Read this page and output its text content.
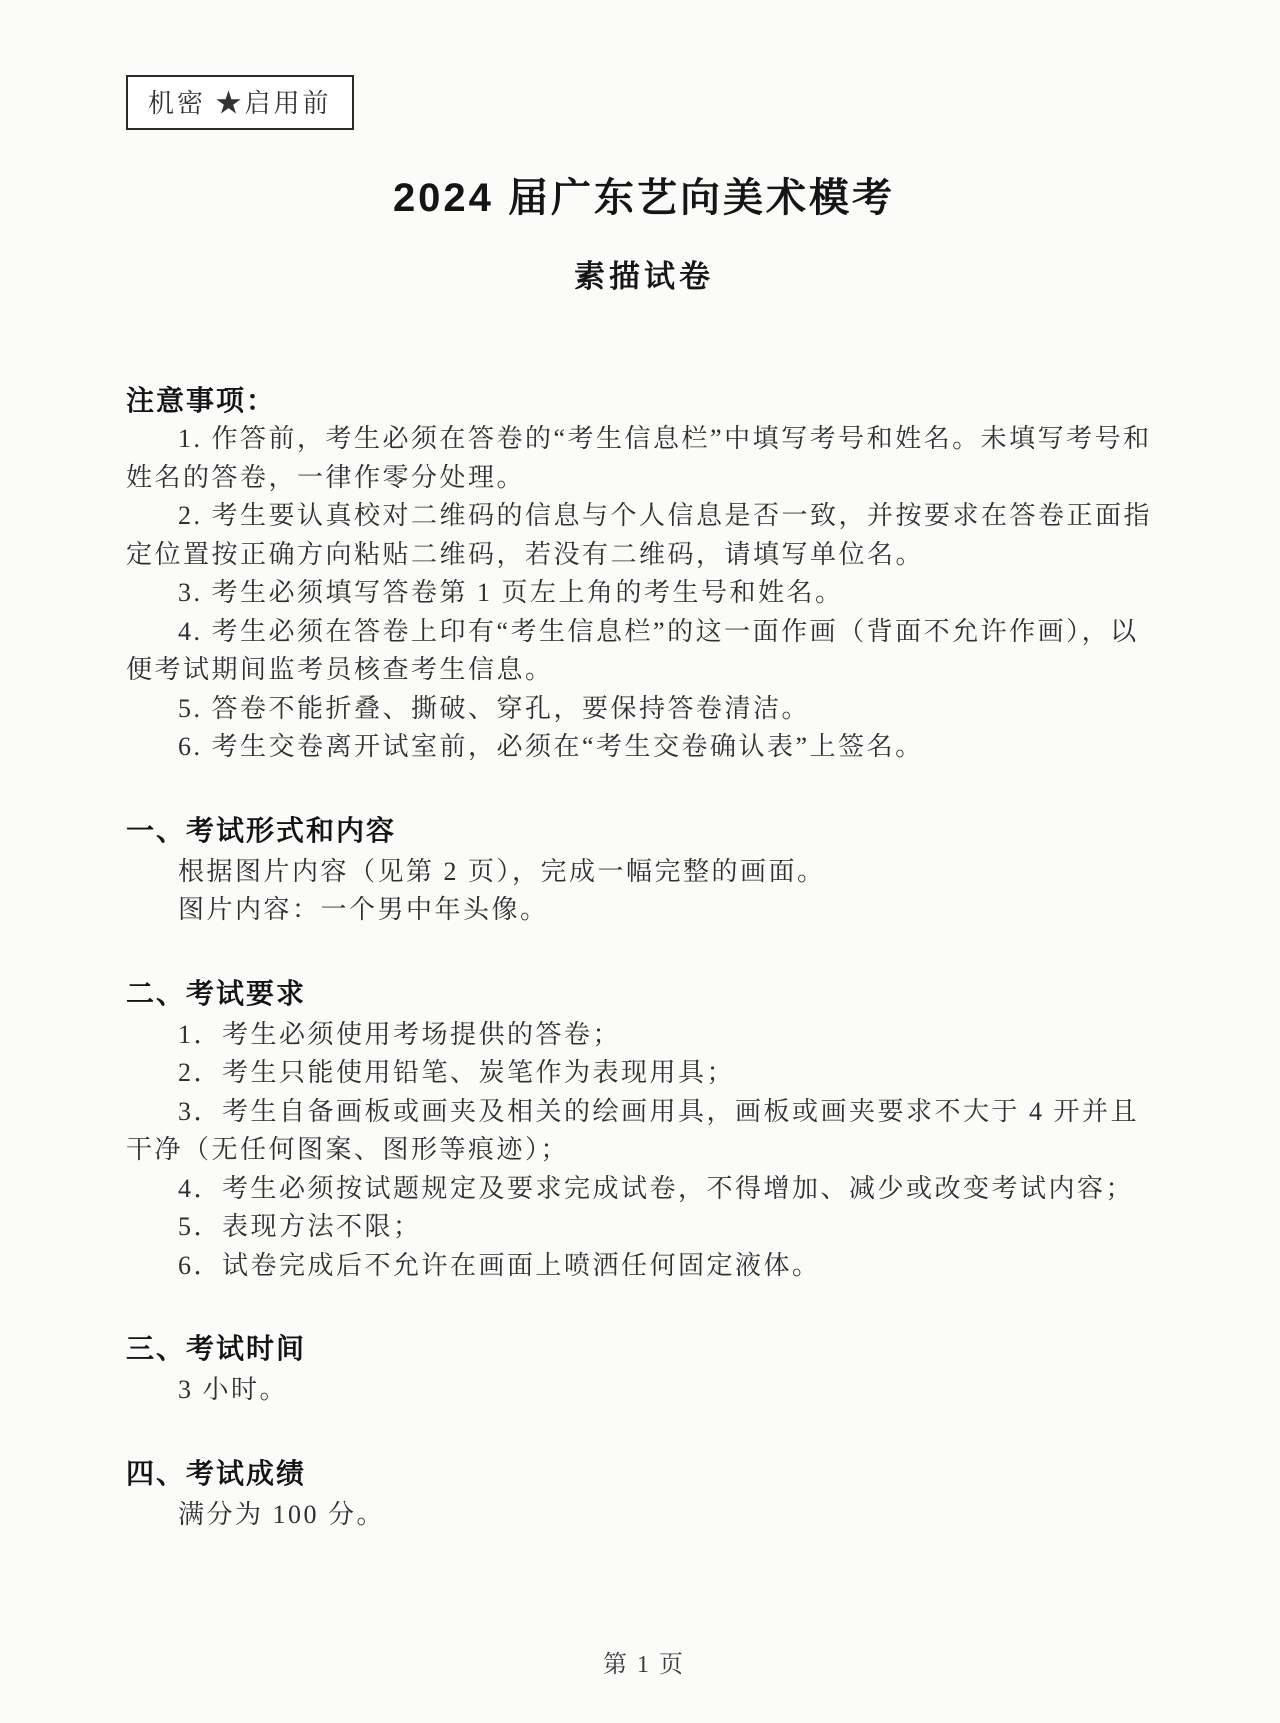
机密 ★启用前
2024 届广东艺向美术模考
素描试卷
注意事项：

1. 作答前，考生必须在答卷的“考生信息栏”中填写考号和姓名。未填写考号和姓名的答卷，一律作零分处理。

2. 考生要认真校对二维码的信息与个人信息是否一致，并按要求在答卷正面指定位置按正确方向粘贴二维码，若没有二维码，请填写单位名。

3. 考生必须填写答卷第 1 页左上角的考生号和姓名。

4. 考生必须在答卷上印有“考生信息栏”的这一面作画（背面不允许作画），以便考试期间监考员核查考生信息。

5. 答卷不能折叠、撕破、穿孔，要保持答卷清洁。

6. 考生交卷离开试室前，必须在“考生交卷确认表”上签名。

一、考试形式和内容

根据图片内容（见第 2 页），完成一幅完整的画面。

图片内容：一个男中年头像。

二、考试要求

1．考生必须使用考场提供的答卷；

2．考生只能使用铅笔、炭笔作为表现用具；

3．考生自备画板或画夹及相关的绘画用具，画板或画夹要求不大于 4 开并且干净（无任何图案、图形等痕迹）；

4．考生必须按试题规定及要求完成试卷，不得增加、减少或改变考试内容；

5．表现方法不限；

6．试卷完成后不允许在画面上喷洒任何固定液体。

三、考试时间

3 小时。

四、考试成绩

满分为 100 分。

第 1 页
